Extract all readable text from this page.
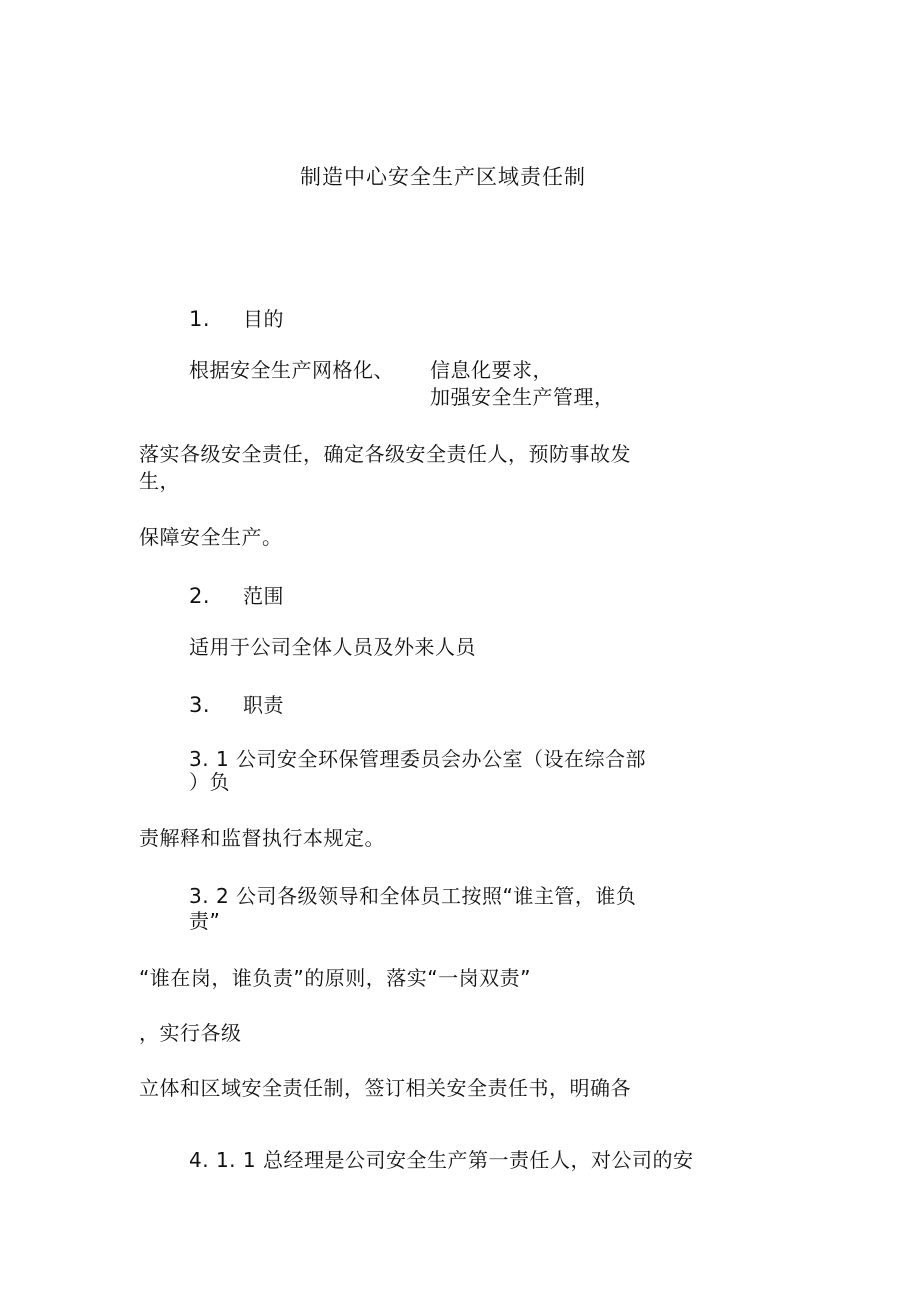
制造中心安全生产区域责任制
1. 目的
根据安全生产网格化、 信息化要求，
加强安全生产管理，
落实各级安全责任，确定各级安全责任人，预防事故发
生，
保障安全生产。
2. 范围
适用于公司全体人员及外来人员
3. 职责
3. 1 公司安全环保管理委员会办公室（设在综合部
）负
责解释和监督执行本规定。
3. 2 公司各级领导和全体员工按照“谁主管，谁负
责”
“谁在岗，谁负责”的原则，落实“一岗双责”
，实行各级
立体和区域安全责任制，签订相关安全责任书，明确各
4. 1. 1 总经理是公司安全生产第一责任人，对公司的安
